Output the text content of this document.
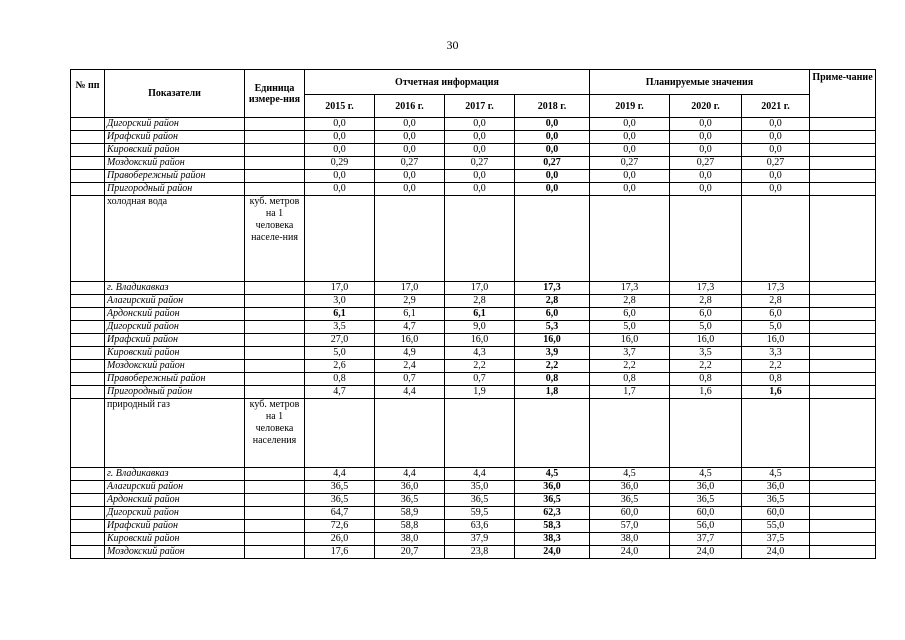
30
№ пп	Показатели	Единица измере-ния	Отчетная информация				Планируемые значения			Приме-чание
			2015 г.	2016 г.	2017 г.	2018 г.	2019 г.	2020 г.	2021 г.	
	Дигорский район		0,0	0,0	0,0	0,0	0,0	0,0	0,0	
	Ирафский район		0,0	0,0	0,0	0,0	0,0	0,0	0,0	
	Кировский район		0,0	0,0	0,0	0,0	0,0	0,0	0,0	
	Моздокский район		0,29	0,27	0,27	0,27	0,27	0,27	0,27	
	Правобережный район		0,0	0,0	0,0	0,0	0,0	0,0	0,0	
	Пригородный район		0,0	0,0	0,0	0,0	0,0	0,0	0,0	
	холодная вода	куб. метров на 1 человека населе-ния								
	г. Владикавказ		17,0	17,0	17,0	17,3	17,3	17,3	17,3	
	Алагирский район		3,0	2,9	2,8	2,8	2,8	2,8	2,8	
	Ардонский район		6,1	6,1	6,1	6,0	6,0	6,0	6,0	
	Дигорский район		3,5	4,7	9,0	5,3	5,0	5,0	5,0	
	Ирафский район		27,0	16,0	16,0	16,0	16,0	16,0	16,0	
	Кировский район		5,0	4,9	4,3	3,9	3,7	3,5	3,3	
	Моздокский район		2,6	2,4	2,2	2,2	2,2	2,2	2,2	
	Правобережный район		0,8	0,7	0,7	0,8	0,8	0,8	0,8	
	Пригородный район		4,7	4,4	1,9	1,8	1,7	1,6	1,6	
	природный газ	куб. метров на 1 человека населения								
	г. Владикавказ		4,4	4,4	4,4	4,5	4,5	4,5	4,5	
	Алагирский район		36,5	36,0	35,0	36,0	36,0	36,0	36,0	
	Ардонский район		36,5	36,5	36,5	36,5	36,5	36,5	36,5	
	Дигорский район		64,7	58,9	59,5	62,3	60,0	60,0	60,0	
	Ирафский район		72,6	58,8	63,6	58,3	57,0	56,0	55,0	
	Кировский район		26,0	38,0	37,9	38,3	38,0	37,7	37,5	
	Моздокский район		17,6	20,7	23,8	24,0	24,0	24,0	24,0	
